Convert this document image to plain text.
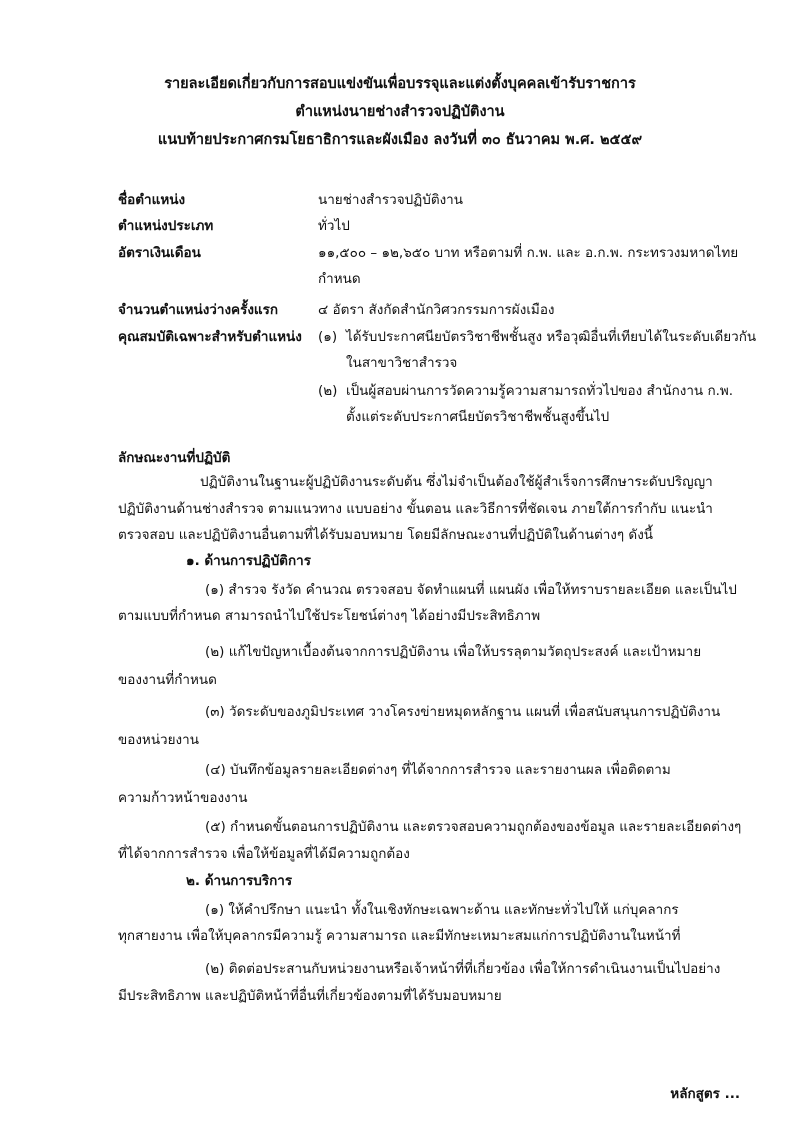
รายละเอียดเกี่ยวกับการสอบแข่งขันเพื่อบรรจุและแต่งตั้งบุคคลเข้ารับราชการ
ตำแหน่งนายช่างสำรวจปฏิบัติงาน
แนบท้ายประกาศกรมโยธาธิการและผังเมือง ลงวันที่ ๓๐ ธันวาคม พ.ศ. ๒๕๕๙
ชื่อตำแหน่ง	นายช่างสำรวจปฏิบัติงาน
ตำแหน่งประเภท	ทั่วไป
อัตราเงินเดือน	๑๑,๕๐๐ – ๑๒,๖๕๐ บาท หรือตามที่ ก.พ. และ อ.ก.พ. กระทรวงมหาดไทย
กำหนด
จำนวนตำแหน่งว่างครั้งแรก	๔ อัตรา สังกัดสำนักวิศวกรรมการผังเมือง
คุณสมบัติเฉพาะสำหรับตำแหน่ง (๑) ได้รับประกาศนียบัตรวิชาชีพชั้นสูง หรือวุฒิอื่นที่เทียบได้ในระดับเดียวกัน
ในสาขาวิชาสำรวจ
(๒) เป็นผู้สอบผ่านการวัดความรู้ความสามารถทั่วไปของ สำนักงาน ก.พ.
ตั้งแต่ระดับประกาศนียบัตรวิชาชีพชั้นสูงขึ้นไป
ลักษณะงานที่ปฏิบัติ
ปฏิบัติงานในฐานะผู้ปฏิบัติงานระดับต้น ซึ่งไม่จำเป็นต้องใช้ผู้สำเร็จการศึกษาระดับปริญญา
ปฏิบัติงานด้านช่างสำรวจ ตามแนวทาง แบบอย่าง ขั้นตอน และวิธีการที่ชัดเจน ภายใต้การกำกับ แนะนำ
ตรวจสอบ และปฏิบัติงานอื่นตามที่ได้รับมอบหมาย โดยมีลักษณะงานที่ปฏิบัติในด้านต่างๆ ดังนี้
๑. ด้านการปฏิบัติการ
(๑) สำรวจ รังวัด คำนวณ ตรวจสอบ จัดทำแผนที่ แผนผัง เพื่อให้ทราบรายละเอียด และเป็นไป
ตามแบบที่กำหนด สามารถนำไปใช้ประโยชน์ต่างๆ ได้อย่างมีประสิทธิภาพ
(๒) แก้ไขปัญหาเบื้องต้นจากการปฏิบัติงาน เพื่อให้บรรลุตามวัตถุประสงค์ และเป้าหมาย
ของงานที่กำหนด
(๓) วัดระดับของภูมิประเทศ วางโครงข่ายหมุดหลักฐาน แผนที่ เพื่อสนับสนุนการปฏิบัติงาน
ของหน่วยงาน
(๔) บันทึกข้อมูลรายละเอียดต่างๆ ที่ได้จากการสำรวจ และรายงานผล เพื่อติดตาม
ความก้าวหน้าของงาน
(๕) กำหนดขั้นตอนการปฏิบัติงาน และตรวจสอบความถูกต้องของข้อมูล และรายละเอียดต่างๆ
ที่ได้จากการสำรวจ เพื่อให้ข้อมูลที่ได้มีความถูกต้อง
๒. ด้านการบริการ
(๑) ให้คำปรึกษา แนะนำ ทั้งในเชิงทักษะเฉพาะด้าน และทักษะทั่วไปให้ แก่บุคลากร
ทุกสายงาน เพื่อให้บุคลากรมีความรู้ ความสามารถ และมีทักษะเหมาะสมแก่การปฏิบัติงานในหน้าที่
(๒) ติดต่อประสานกับหน่วยงานหรือเจ้าหน้าที่ที่เกี่ยวข้อง เพื่อให้การดำเนินงานเป็นไปอย่าง
มีประสิทธิภาพ และปฏิบัติหน้าที่อื่นที่เกี่ยวข้องตามที่ได้รับมอบหมาย
หลักสูตร ...
